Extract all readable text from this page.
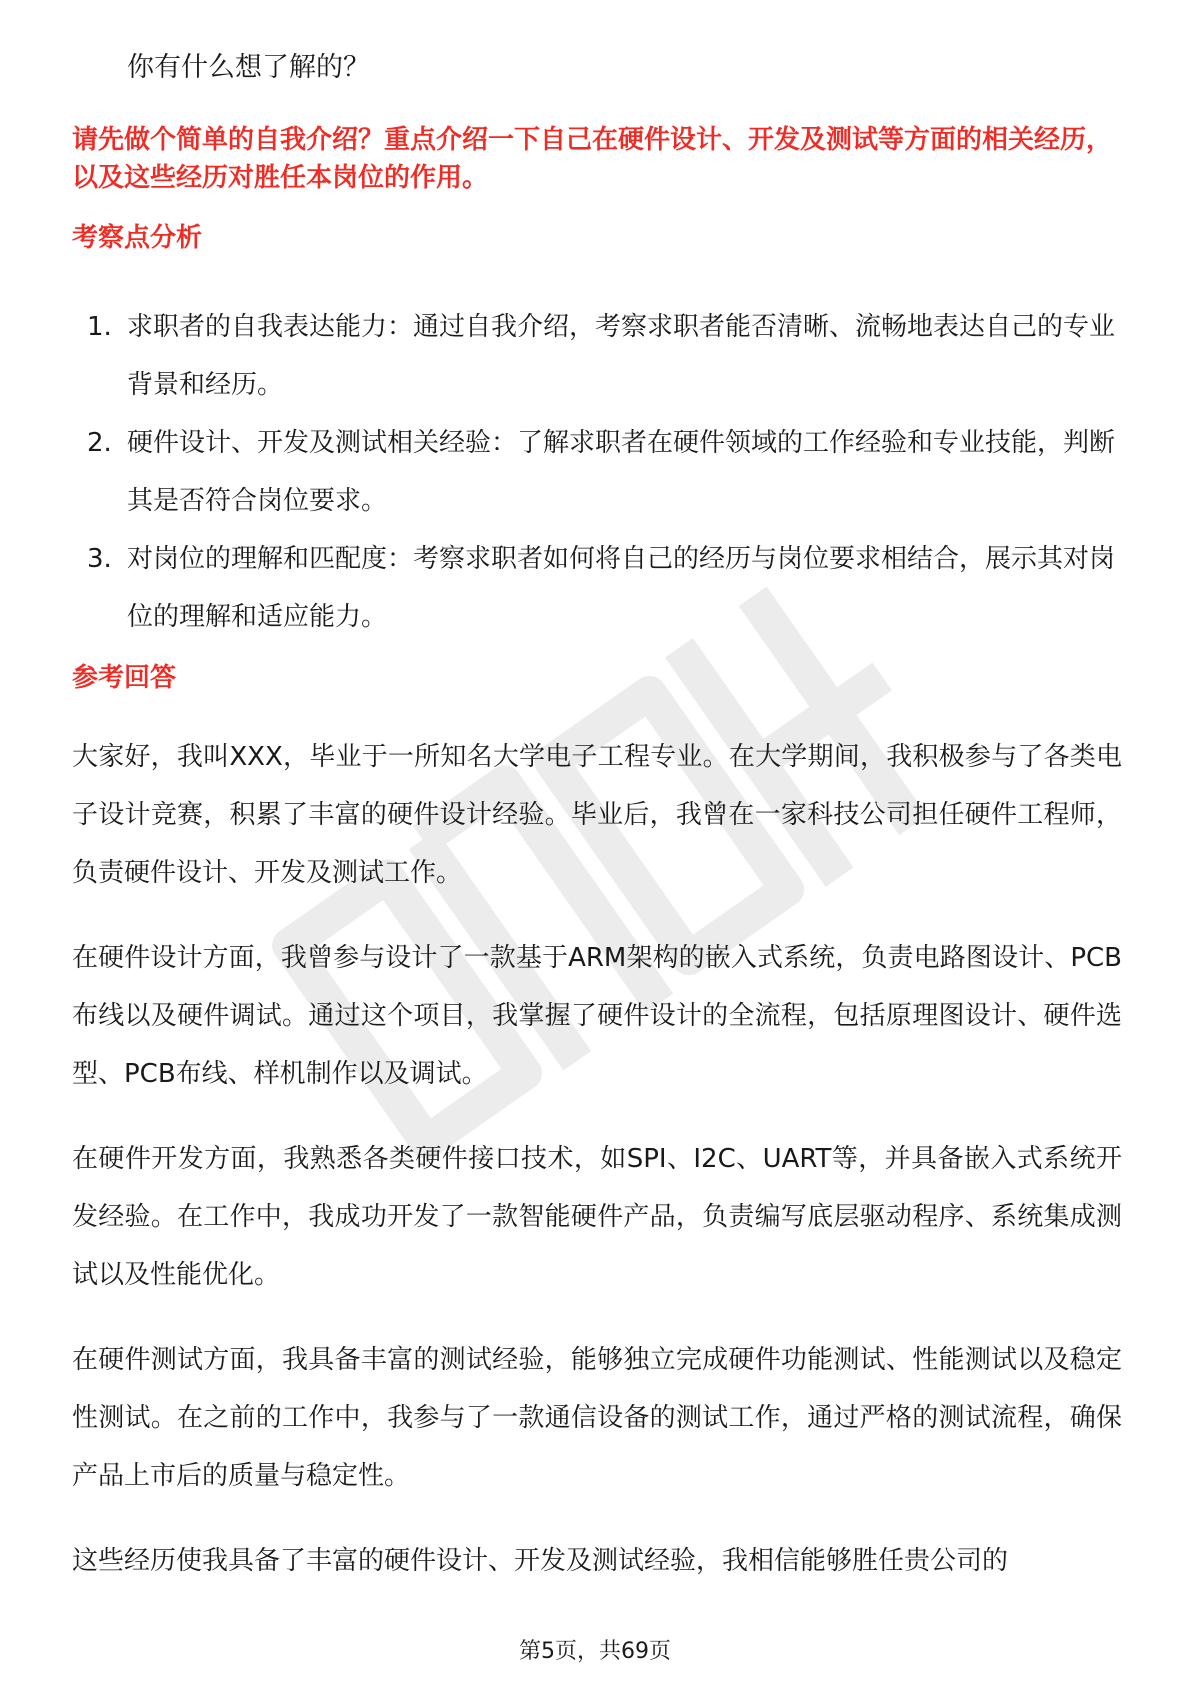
你有什么想了解的？
请先做个简单的自我介绍？重点介绍一下自己在硬件设计、开发及测试等方面的相关经历，以及这些经历对胜任本岗位的作用。
考察点分析
1. 求职者的自我表达能力：通过自我介绍，考察求职者能否清晰、流畅地表达自己的专业背景和经历。
2. 硬件设计、开发及测试相关经验：了解求职者在硬件领域的工作经验和专业技能，判断其是否符合岗位要求。
3. 对岗位的理解和匹配度：考察求职者如何将自己的经历与岗位要求相结合，展示其对岗位的理解和适应能力。
参考回答

大家好，我叫XXX，毕业于一所知名大学电子工程专业。在大学期间，我积极参与了各类电子设计竞赛，积累了丰富的硬件设计经验。毕业后，我曾在一家科技公司担任硬件工程师，负责硬件设计、开发及测试工作。

在硬件设计方面，我曾参与设计了一款基于ARM架构的嵌入式系统，负责电路图设计、PCB布线以及硬件调试。通过这个项目，我掌握了硬件设计的全流程，包括原理图设计、硬件选型、PCB布线、样机制作以及调试。

在硬件开发方面，我熟悉各类硬件接口技术，如SPI、I2C、UART等，并具备嵌入式系统开发经验。在工作中，我成功开发了一款智能硬件产品，负责编写底层驱动程序、系统集成测试以及性能优化。

在硬件测试方面，我具备丰富的测试经验，能够独立完成硬件功能测试、性能测试以及稳定性测试。在之前的工作中，我参与了一款通信设备的测试工作，通过严格的测试流程，确保产品上市后的质量与稳定性。

这些经历使我具备了丰富的硬件设计、开发及测试经验，我相信能够胜任贵公司的

第5页，共69页
